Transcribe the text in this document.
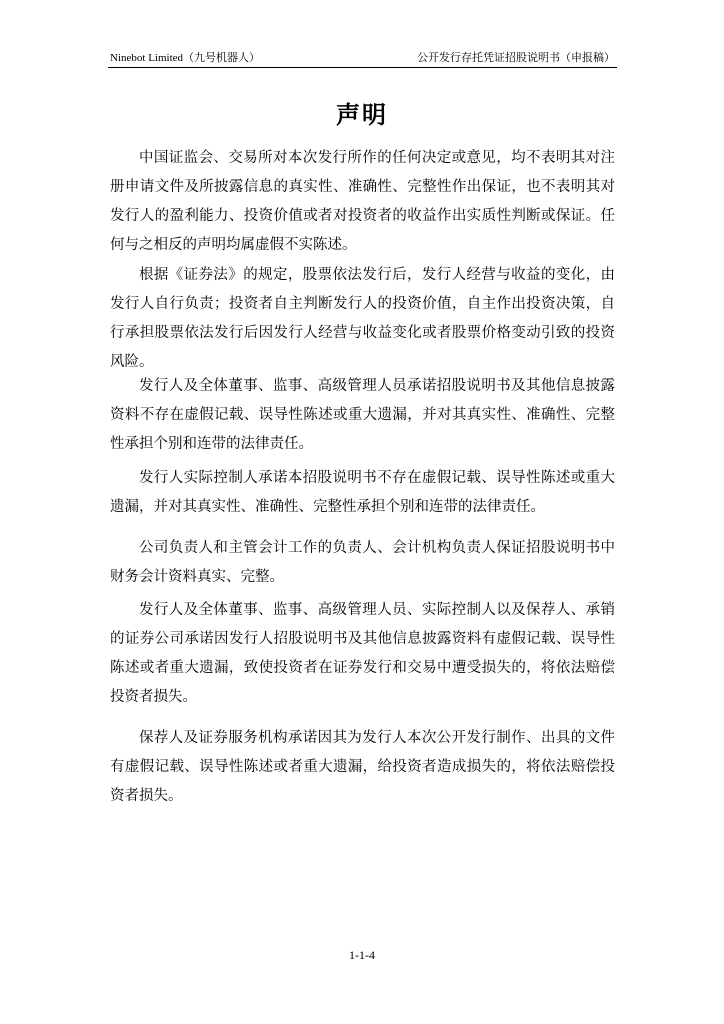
Ninebot Limited（九号机器人）	公开发行存托凭证招股说明书（申报稿）
声明
中国证监会、交易所对本次发行所作的任何决定或意见，均不表明其对注
册申请文件及所披露信息的真实性、准确性、完整性作出保证，也不表明其对
发行人的盈利能力、投资价值或者对投资者的收益作出实质性判断或保证。任
何与之相反的声明均属虚假不实陈述。
根据《证券法》的规定，股票依法发行后，发行人经营与收益的变化，由
发行人自行负责；投资者自主判断发行人的投资价值，自主作出投资决策，自
行承担股票依法发行后因发行人经营与收益变化或者股票价格变动引致的投资
风险。
发行人及全体董事、监事、高级管理人员承诺招股说明书及其他信息披露
资料不存在虚假记载、误导性陈述或重大遗漏，并对其真实性、准确性、完整
性承担个别和连带的法律责任。
发行人实际控制人承诺本招股说明书不存在虚假记载、误导性陈述或重大
遗漏，并对其真实性、准确性、完整性承担个别和连带的法律责任。
公司负责人和主管会计工作的负责人、会计机构负责人保证招股说明书中
财务会计资料真实、完整。
发行人及全体董事、监事、高级管理人员、实际控制人以及保荐人、承销
的证券公司承诺因发行人招股说明书及其他信息披露资料有虚假记载、误导性
陈述或者重大遗漏，致使投资者在证券发行和交易中遭受损失的，将依法赔偿
投资者损失。
保荐人及证券服务机构承诺因其为发行人本次公开发行制作、出具的文件
有虚假记载、误导性陈述或者重大遗漏，给投资者造成损失的，将依法赔偿投
资者损失。
1-1-4
